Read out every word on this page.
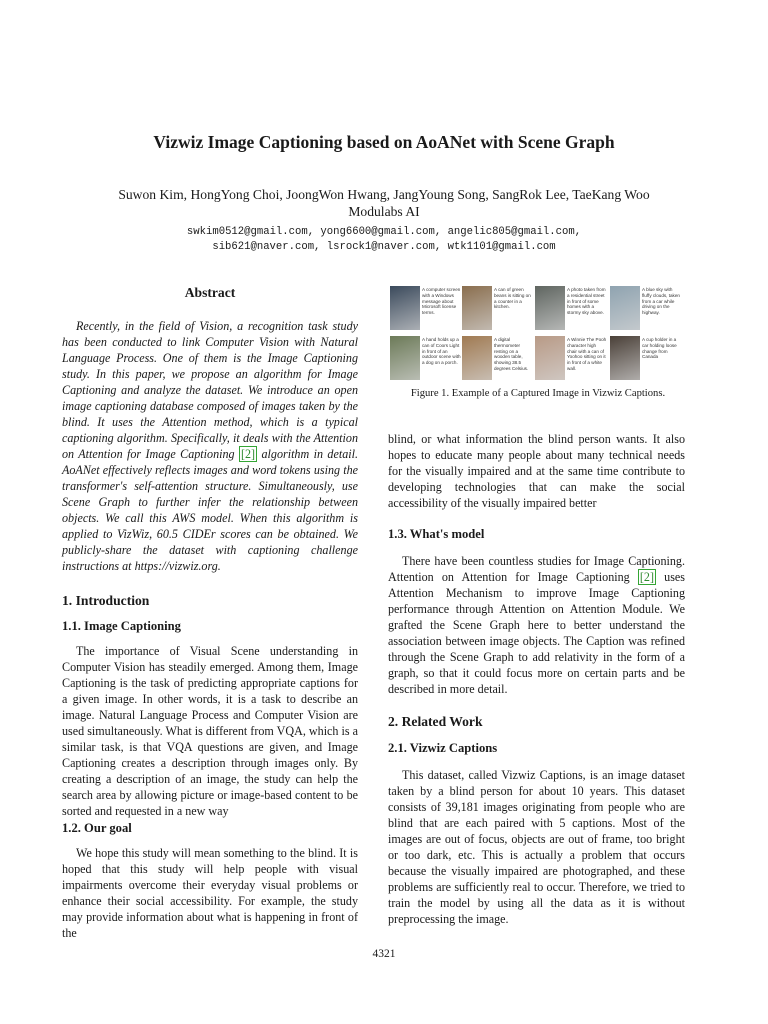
Vizwiz Image Captioning based on AoANet with Scene Graph
Suwon Kim, HongYong Choi, JoongWon Hwang, JangYoung Song, SangRok Lee, TaeKang Woo
Modulabs AI
swkim0512@gmail.com, yong6600@gmail.com, angelic805@gmail.com,
sib621@naver.com, lsrock1@naver.com, wtk1101@gmail.com
Abstract
Recently, in the field of Vision, a recognition task study has been conducted to link Computer Vision with Natural Language Process. One of them is the Image Captioning study. In this paper, we propose an algorithm for Image Captioning and analyze the dataset. We introduce an open image captioning database composed of images taken by the blind. It uses the Attention method, which is a typical captioning algorithm. Specifically, it deals with the Attention on Attention for Image Captioning [2] algorithm in detail. AoANet effectively reflects images and word tokens using the transformer's self-attention structure. Simultaneously, use Scene Graph to further infer the relationship between objects. We call this AWS model. When this algorithm is applied to VizWiz, 60.5 CIDEr scores can be obtained. We publicly-share the dataset with captioning challenge instructions at https://vizwiz.org.
1. Introduction
1.1. Image Captioning
The importance of Visual Scene understanding in Computer Vision has steadily emerged. Among them, Image Captioning is the task of predicting appropriate captions for a given image. In other words, it is a task to describe an image. Natural Language Process and Computer Vision are used simultaneously. What is different from VQA, which is a similar task, is that VQA questions are given, and Image Captioning creates a description through images only. By creating a description of an image, the study can help the search area by allowing picture or image-based content to be sorted and requested in a new way
1.2. Our goal
We hope this study will mean something to the blind. It is hoped that this study will help people with visual impairments overcome their everyday visual problems or enhance their social accessibility. For example, the study may provide information about what is happening in front of the
A computer screen with a Windows message about Microsoft license terms.
A can of green beans is sitting on a counter in a kitchen.
A photo taken from a residential street in front of some homes with a stormy sky above.
A blue sky with fluffy clouds, taken from a car while driving on the highway.
A hand holds up a can of Coors Light in front of an outdoor scene with a dog on a porch.
A digital thermometer resting on a wooden table, showing 38.5 degrees Celsius.
A Winnie The Pooh character high chair with a can of Yoohoo sitting on it in front of a white wall.
A cup holder in a car holding loose change from Canada
Figure 1. Example of a Captured Image in Vizwiz Captions.
blind, or what information the blind person wants. It also hopes to educate many people about many technical needs for the visually impaired and at the same time contribute to developing technologies that can make the social accessibility of the visually impaired better
1.3. What's model
There have been countless studies for Image Captioning. Attention on Attention for Image Captioning [2] uses Attention Mechanism to improve Image Captioning performance through Attention on Attention Module. We grafted the Scene Graph here to better understand the association between image objects. The Caption was refined through the Scene Graph to add relativity in the form of a graph, so that it could focus more on certain parts and be described in more detail.
2. Related Work
2.1. Vizwiz Captions
This dataset, called Vizwiz Captions, is an image dataset taken by a blind person for about 10 years. This dataset consists of 39,181 images originating from people who are blind that are each paired with 5 captions. Most of the images are out of focus, objects are out of frame, too bright or too dark, etc. This is actually a problem that occurs because the visually impaired are photographed, and these problems are sufficiently real to occur. Therefore, we tried to train the model by using all the data as it is without preprocessing the image.
4321
